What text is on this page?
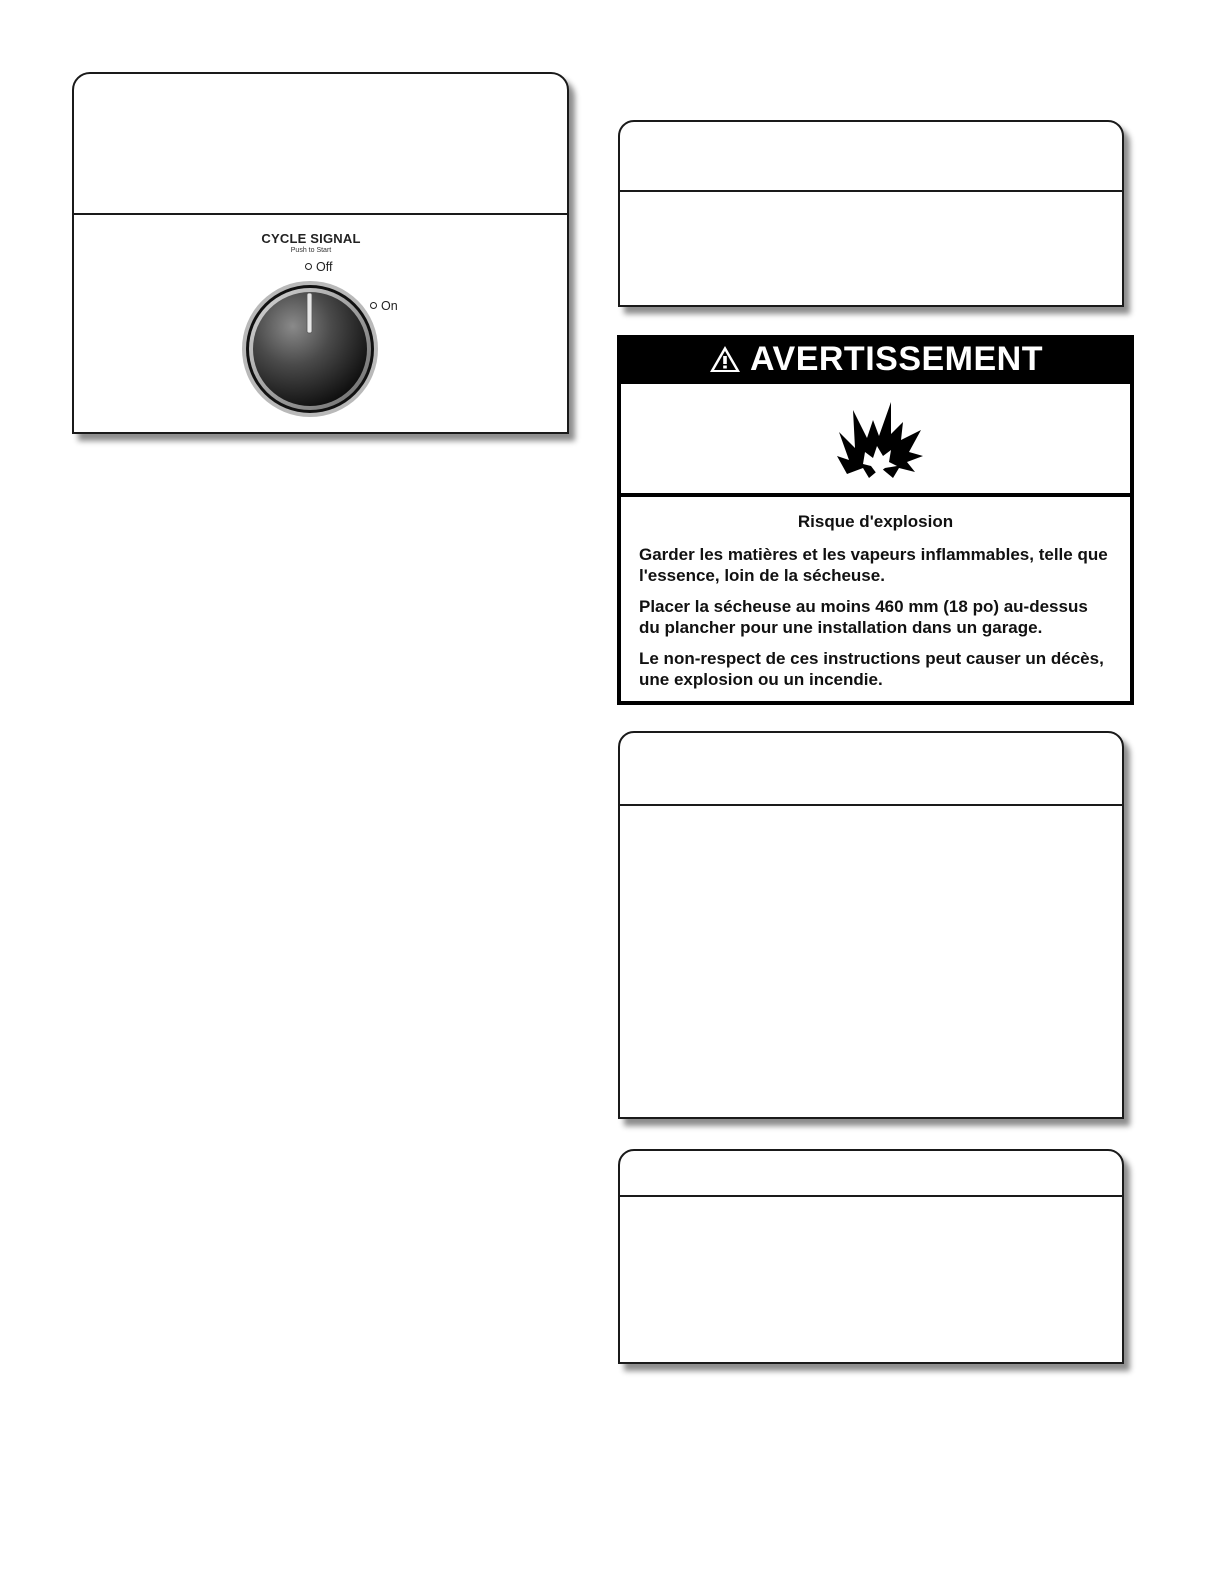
CYCLE SIGNAL
Push to Start
Off
On
AVERTISSEMENT
Risque d'explosion

Garder les matières et les vapeurs inflammables, telle que l'essence, loin de la sécheuse.

Placer la sécheuse au moins 460 mm (18 po) au-dessus du plancher pour une installation dans un garage.

Le non-respect de ces instructions peut causer un décès, une explosion ou un incendie.
